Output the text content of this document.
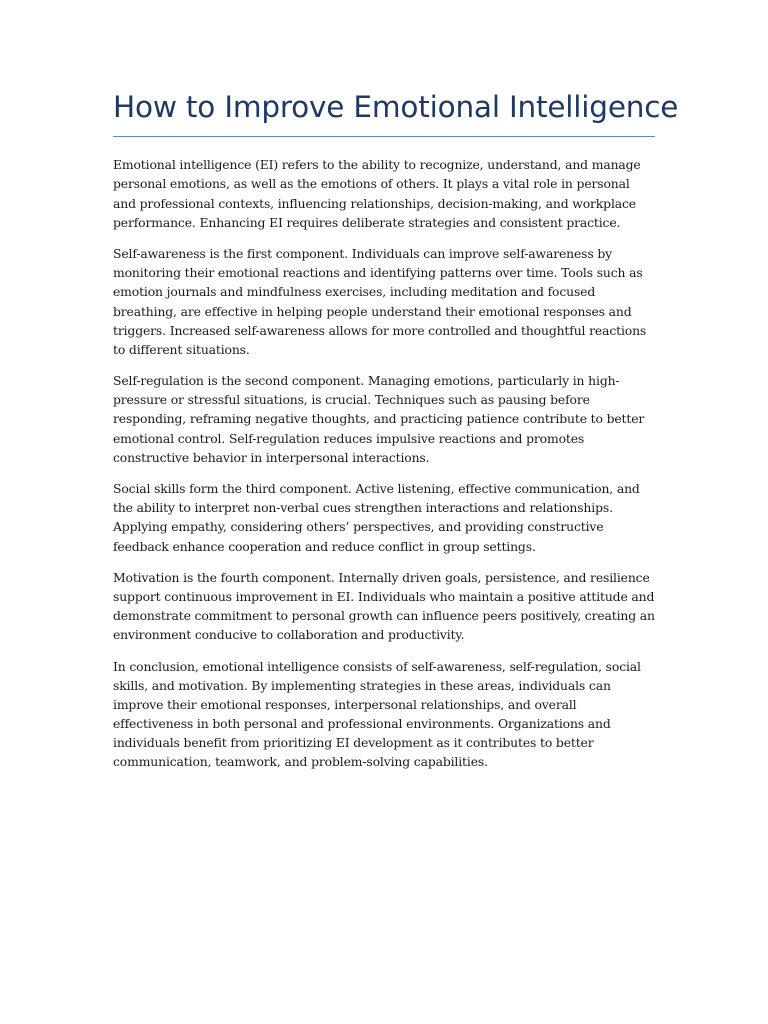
How to Improve Emotional Intelligence

Emotional intelligence (EI) refers to the ability to recognize, understand, and manage personal emotions, as well as the emotions of others. It plays a vital role in personal and professional contexts, influencing relationships, decision-making, and workplace performance. Enhancing EI requires deliberate strategies and consistent practice.

Self-awareness is the first component. Individuals can improve self-awareness by monitoring their emotional reactions and identifying patterns over time. Tools such as emotion journals and mindfulness exercises, including meditation and focused breathing, are effective in helping people understand their emotional responses and triggers. Increased self-awareness allows for more controlled and thoughtful reactions to different situations.

Self-regulation is the second component. Managing emotions, particularly in high-pressure or stressful situations, is crucial. Techniques such as pausing before responding, reframing negative thoughts, and practicing patience contribute to better emotional control. Self-regulation reduces impulsive reactions and promotes constructive behavior in interpersonal interactions.

Social skills form the third component. Active listening, effective communication, and the ability to interpret non-verbal cues strengthen interactions and relationships. Applying empathy, considering others’ perspectives, and providing constructive feedback enhance cooperation and reduce conflict in group settings.

Motivation is the fourth component. Internally driven goals, persistence, and resilience support continuous improvement in EI. Individuals who maintain a positive attitude and demonstrate commitment to personal growth can influence peers positively, creating an environment conducive to collaboration and productivity.

In conclusion, emotional intelligence consists of self-awareness, self-regulation, social skills, and motivation. By implementing strategies in these areas, individuals can improve their emotional responses, interpersonal relationships, and overall effectiveness in both personal and professional environments. Organizations and individuals benefit from prioritizing EI development as it contributes to better communication, teamwork, and problem-solving capabilities.
